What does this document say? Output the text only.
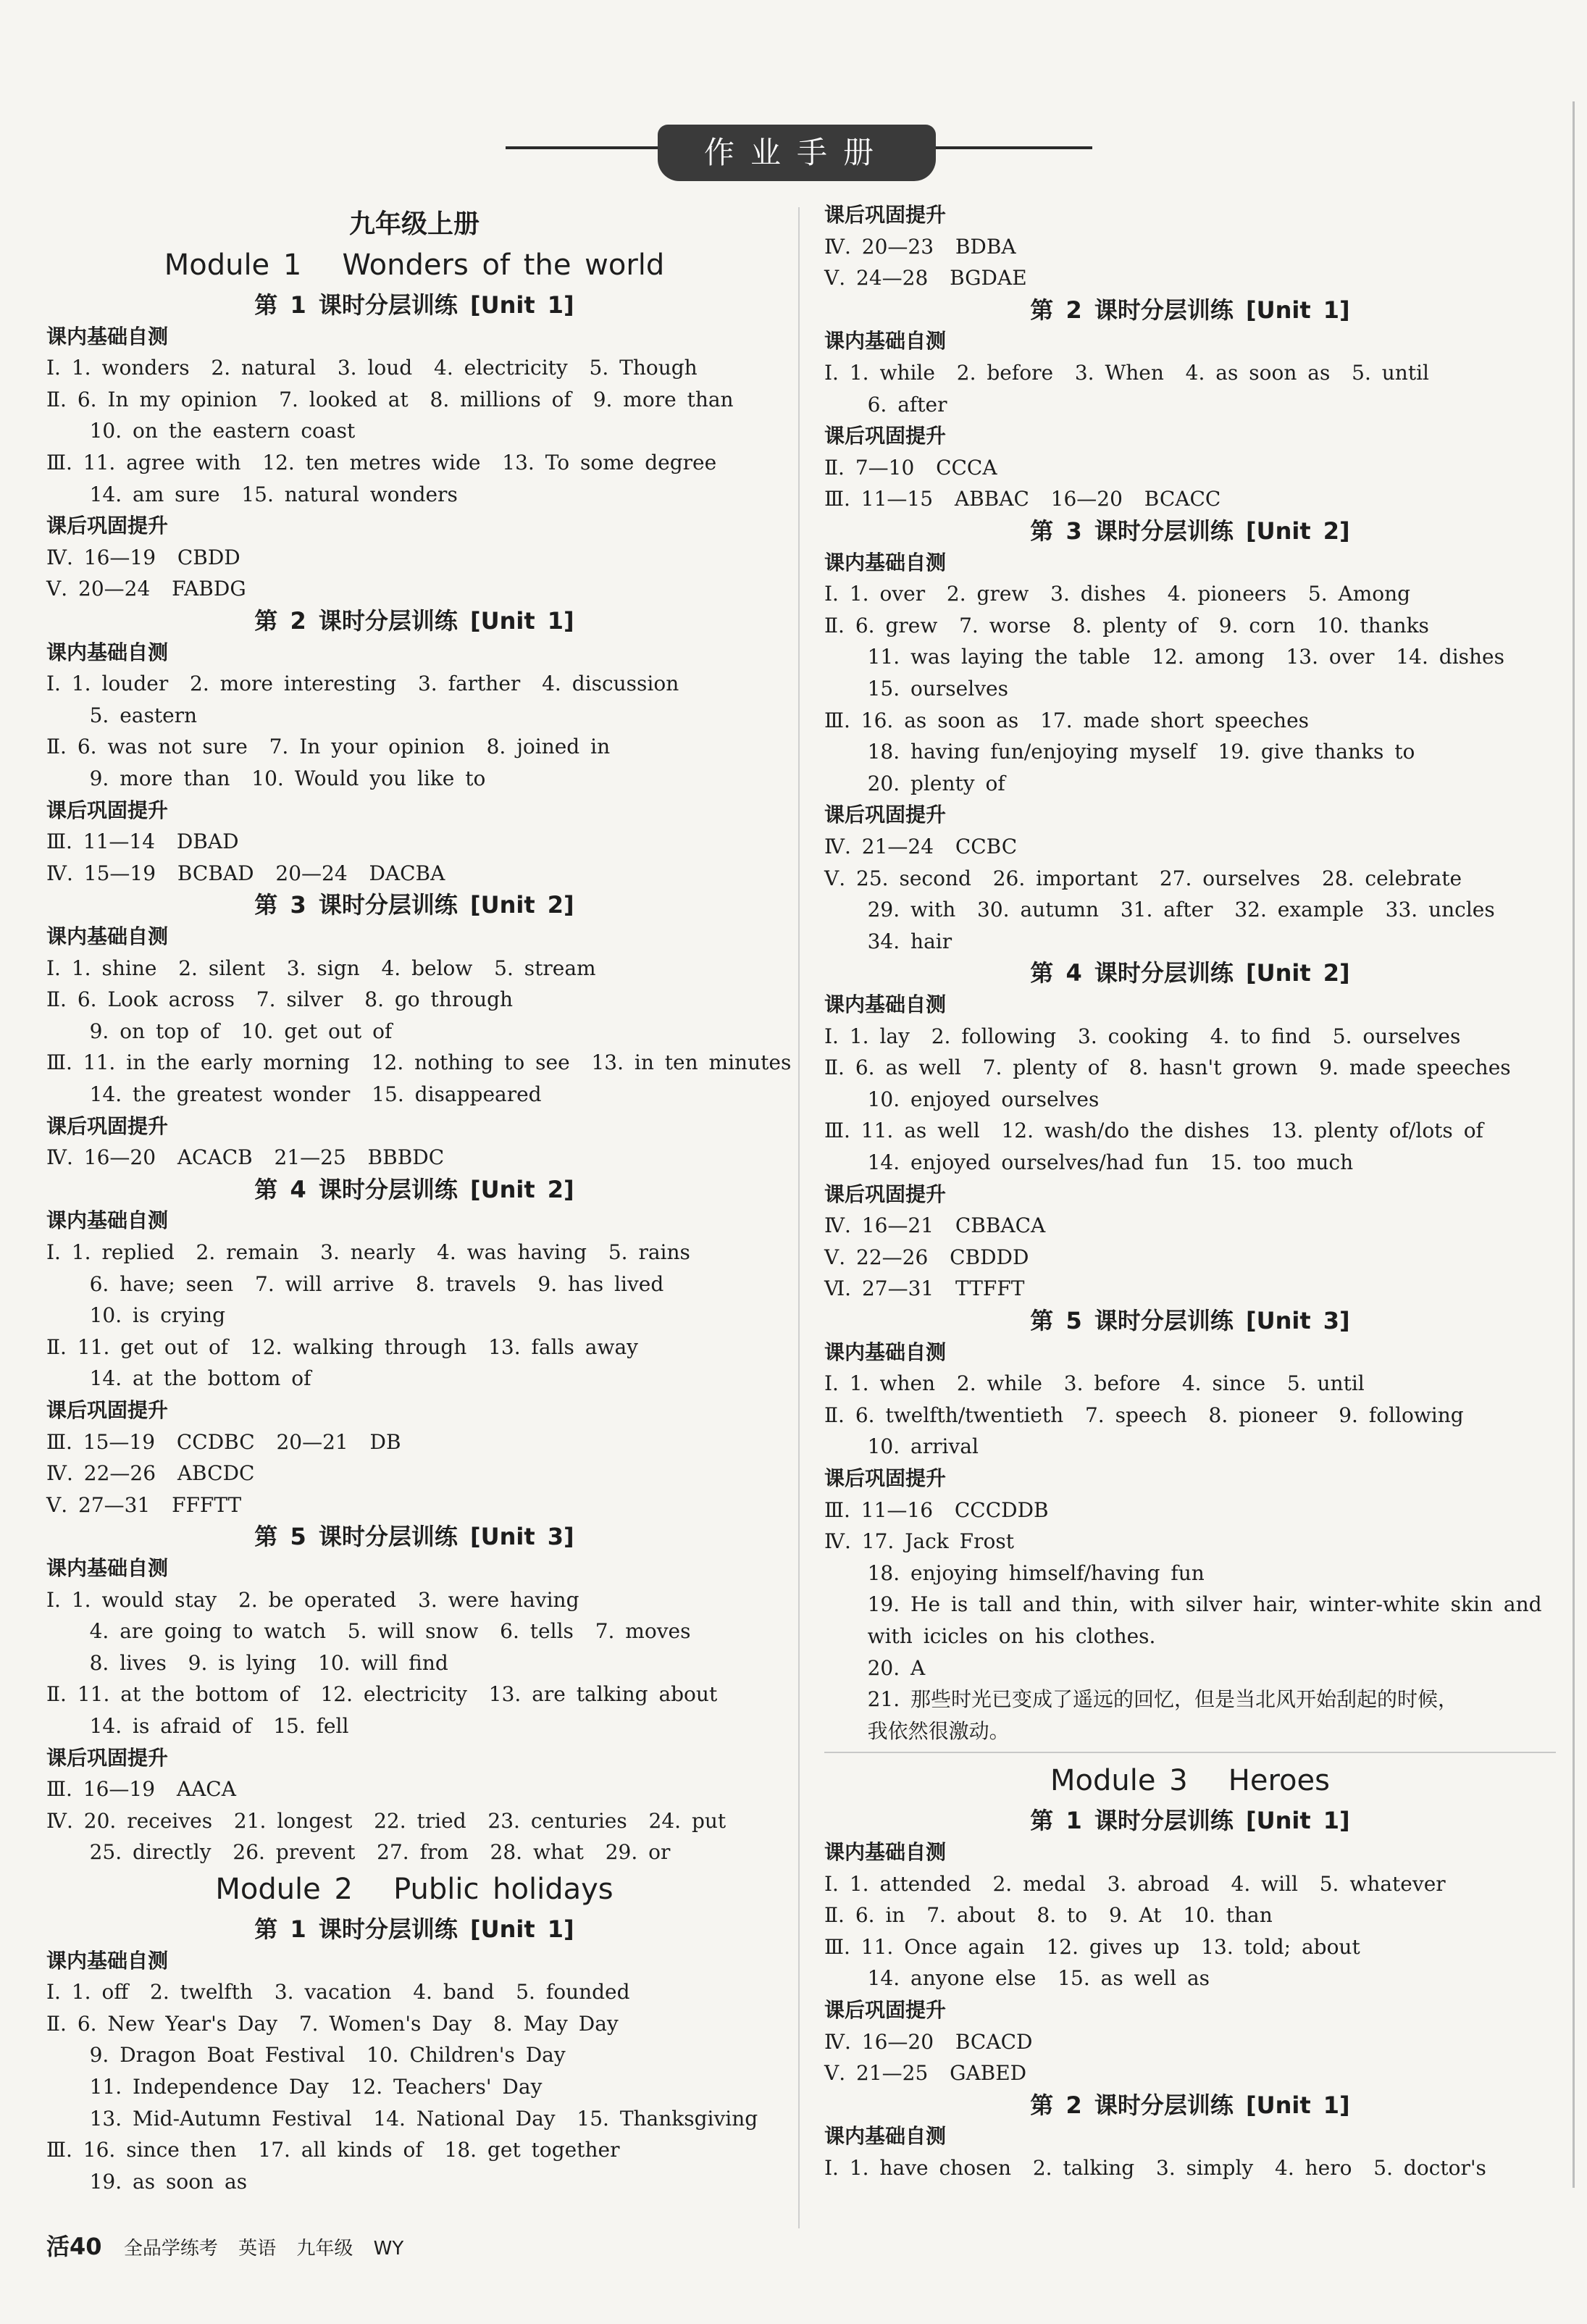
作业手册
九年级上册
Module 1   Wonders of the world
第 1 课时分层训练 [Unit 1]
课内基础自测
Ⅰ. 1. wonders  2. natural  3. loud  4. electricity  5. Though
Ⅱ. 6. In my opinion  7. looked at  8. millions of  9. more than
10. on the eastern coast
Ⅲ. 11. agree with  12. ten metres wide  13. To some degree
14. am sure  15. natural wonders
课后巩固提升
Ⅳ. 16—19  CBDD
Ⅴ. 20—24  FABDG
第 2 课时分层训练 [Unit 1]
课内基础自测
Ⅰ. 1. louder  2. more interesting  3. farther  4. discussion
5. eastern
Ⅱ. 6. was not sure  7. In your opinion  8. joined in
9. more than  10. Would you like to
课后巩固提升
Ⅲ. 11—14  DBAD
Ⅳ. 15—19  BCBAD  20—24  DACBA
第 3 课时分层训练 [Unit 2]
课内基础自测
Ⅰ. 1. shine  2. silent  3. sign  4. below  5. stream
Ⅱ. 6. Look across  7. silver  8. go through
9. on top of  10. get out of
Ⅲ. 11. in the early morning  12. nothing to see  13. in ten minutes
14. the greatest wonder  15. disappeared
课后巩固提升
Ⅳ. 16—20  ACACB  21—25  BBBDC
第 4 课时分层训练 [Unit 2]
课内基础自测
Ⅰ. 1. replied  2. remain  3. nearly  4. was having  5. rains
6. have; seen  7. will arrive  8. travels  9. has lived
10. is crying
Ⅱ. 11. get out of  12. walking through  13. falls away
14. at the bottom of
课后巩固提升
Ⅲ. 15—19  CCDBC  20—21  DB
Ⅳ. 22—26  ABCDC
Ⅴ. 27—31  FFFTT
第 5 课时分层训练 [Unit 3]
课内基础自测
Ⅰ. 1. would stay  2. be operated  3. were having
4. are going to watch  5. will snow  6. tells  7. moves
8. lives  9. is lying  10. will find
Ⅱ. 11. at the bottom of  12. electricity  13. are talking about
14. is afraid of  15. fell
课后巩固提升
Ⅲ. 16—19  AACA
Ⅳ. 20. receives  21. longest  22. tried  23. centuries  24. put
25. directly  26. prevent  27. from  28. what  29. or
Module 2   Public holidays
第 1 课时分层训练 [Unit 1]
课内基础自测
Ⅰ. 1. off  2. twelfth  3. vacation  4. band  5. founded
Ⅱ. 6. New Year's Day  7. Women's Day  8. May Day
9. Dragon Boat Festival  10. Children's Day
11. Independence Day  12. Teachers' Day
13. Mid-Autumn Festival  14. National Day  15. Thanksgiving
Ⅲ. 16. since then  17. all kinds of  18. get together
19. as soon as
课后巩固提升
Ⅳ. 20—23  BDBA
Ⅴ. 24—28  BGDAE
第 2 课时分层训练 [Unit 1]
课内基础自测
Ⅰ. 1. while  2. before  3. When  4. as soon as  5. until
6. after
课后巩固提升
Ⅱ. 7—10  CCCA
Ⅲ. 11—15  ABBAC  16—20  BCACC
第 3 课时分层训练 [Unit 2]
课内基础自测
Ⅰ. 1. over  2. grew  3. dishes  4. pioneers  5. Among
Ⅱ. 6. grew  7. worse  8. plenty of  9. corn  10. thanks
11. was laying the table  12. among  13. over  14. dishes
15. ourselves
Ⅲ. 16. as soon as  17. made short speeches
18. having fun/enjoying myself  19. give thanks to
20. plenty of
课后巩固提升
Ⅳ. 21—24  CCBC
Ⅴ. 25. second  26. important  27. ourselves  28. celebrate
29. with  30. autumn  31. after  32. example  33. uncles
34. hair
第 4 课时分层训练 [Unit 2]
课内基础自测
Ⅰ. 1. lay  2. following  3. cooking  4. to find  5. ourselves
Ⅱ. 6. as well  7. plenty of  8. hasn't grown  9. made speeches
10. enjoyed ourselves
Ⅲ. 11. as well  12. wash/do the dishes  13. plenty of/lots of
14. enjoyed ourselves/had fun  15. too much
课后巩固提升
Ⅳ. 16—21  CBBACA
Ⅴ. 22—26  CBDDD
Ⅵ. 27—31  TTFFT
第 5 课时分层训练 [Unit 3]
课内基础自测
Ⅰ. 1. when  2. while  3. before  4. since  5. until
Ⅱ. 6. twelfth/twentieth  7. speech  8. pioneer  9. following
10. arrival
课后巩固提升
Ⅲ. 11—16  CCCDDB
Ⅳ. 17. Jack Frost
18. enjoying himself/having fun
19. He is tall and thin, with silver hair, winter-white skin and
with icicles on his clothes.
20. A
21. 那些时光已变成了遥远的回忆，但是当北风开始刮起的时候，
我依然很激动。
Module 3   Heroes
第 1 课时分层训练 [Unit 1]
课内基础自测
Ⅰ. 1. attended  2. medal  3. abroad  4. will  5. whatever
Ⅱ. 6. in  7. about  8. to  9. At  10. than
Ⅲ. 11. Once again  12. gives up  13. told; about
14. anyone else  15. as well as
课后巩固提升
Ⅳ. 16—20  BCACD
Ⅴ. 21—25  GABED
第 2 课时分层训练 [Unit 1]
课内基础自测
Ⅰ. 1. have chosen  2. talking  3. simply  4. hero  5. doctor's
活40 全品学练考 英语 九年级 WY
